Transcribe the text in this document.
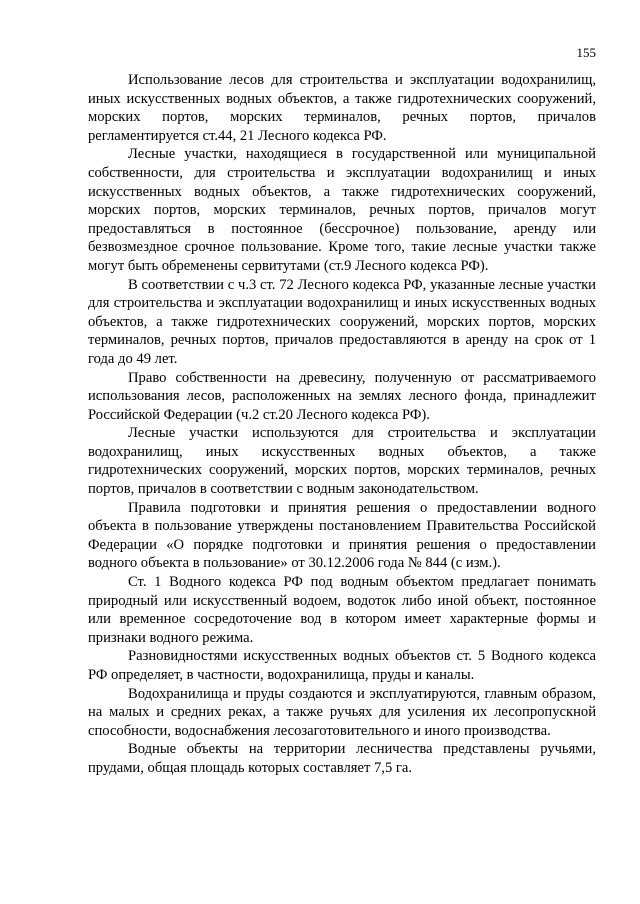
155

Использование лесов для строительства и эксплуатации водохранилищ, иных искусственных водных объектов, а также гидротехнических сооружений, морских портов, морских терминалов, речных портов, причалов регламентируется ст.44, 21 Лесного кодекса РФ.

Лесные участки, находящиеся в государственной или муниципальной собственности, для строительства и эксплуатации водохранилищ и иных искусственных водных объектов, а также гидротехнических сооружений, морских портов, морских терминалов, речных портов, причалов могут предоставляться в постоянное (бессрочное) пользование, аренду или безвозмездное срочное пользование. Кроме того, такие лесные участки также могут быть обременены сервитутами (ст.9 Лесного кодекса РФ).

В соответствии с ч.3 ст. 72 Лесного кодекса РФ, указанные лесные участки для строительства и эксплуатации водохранилищ и иных искусственных водных объектов, а также гидротехнических сооружений, морских портов, морских терминалов, речных портов, причалов предоставляются в аренду на срок от 1 года до 49 лет.

Право собственности на древесину, полученную от рассматриваемого использования лесов, расположенных на землях лесного фонда, принадлежит Российской Федерации (ч.2 ст.20 Лесного кодекса РФ).

Лесные участки используются для строительства и эксплуатации водохранилищ, иных искусственных водных объектов, а также гидротехнических сооружений, морских портов, морских терминалов, речных портов, причалов в соответствии с водным законодательством.

Правила подготовки и принятия решения о предоставлении водного объекта в пользование утверждены постановлением Правительства Российской Федерации «О порядке подготовки и принятия решения о предоставлении водного объекта в пользование» от 30.12.2006 года № 844 (с изм.).

Ст. 1 Водного кодекса РФ под водным объектом предлагает понимать природный или искусственный водоем, водоток либо иной объект, постоянное или временное сосредоточение вод в котором имеет характерные формы и признаки водного режима.

Разновидностями искусственных водных объектов ст. 5 Водного кодекса РФ определяет, в частности, водохранилища, пруды и каналы.

Водохранилища и пруды создаются и эксплуатируются, главным образом, на малых и средних реках, а также ручьях для усиления их лесопропускной способности, водоснабжения лесозаготовительного и иного производства.

Водные объекты на территории лесничества представлены ручьями, прудами, общая площадь которых составляет 7,5 га.
